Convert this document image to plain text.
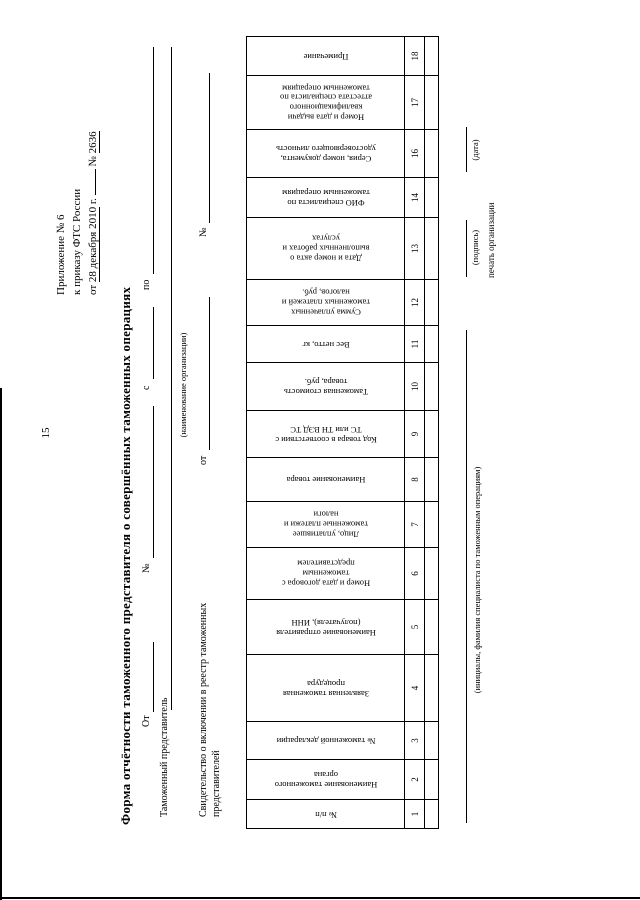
15
Приложение № 6 к приказу ФТС России от 28 декабря 2010 г.  № 2636
Форма отчётности таможенного представителя о совершённых таможенных операциях От
№
с
по
Таможенный представитель
(наименование организации)
Свидетельство о включении в реестр таможенных представителей
от
№
№ п/п	Наименование таможенного органа	№ таможенной декларации	Заявленная таможенная процедура	Наименование отправителя (получателя), ИНН	Номер и дата договора с таможенным представителем	Лицо, уплатившее таможенные платежи и налоги	Наименование товара	Код товара в соответствии с ТС или ТН ВЭД ТС	Таможенная стоимость товара, руб.	Вес нетто, кг	Сумма уплаченных таможенных платежей и налогов, руб.	Дата и номер акта о выполненных работах и услугах	ФИО специалиста по таможенным операциям	Серия, номер документа, удостоверяющего личность	Номер и дата выдачи квалификационного аттестата специалиста по таможенным операциям	Примечание

1	2	3	4	5	6	7	8	9	10	11	12	13	14	16	17	18

(инициалы, фамилия специалиста по таможенным операциям)
(подпись)
(дата)
печать организации
